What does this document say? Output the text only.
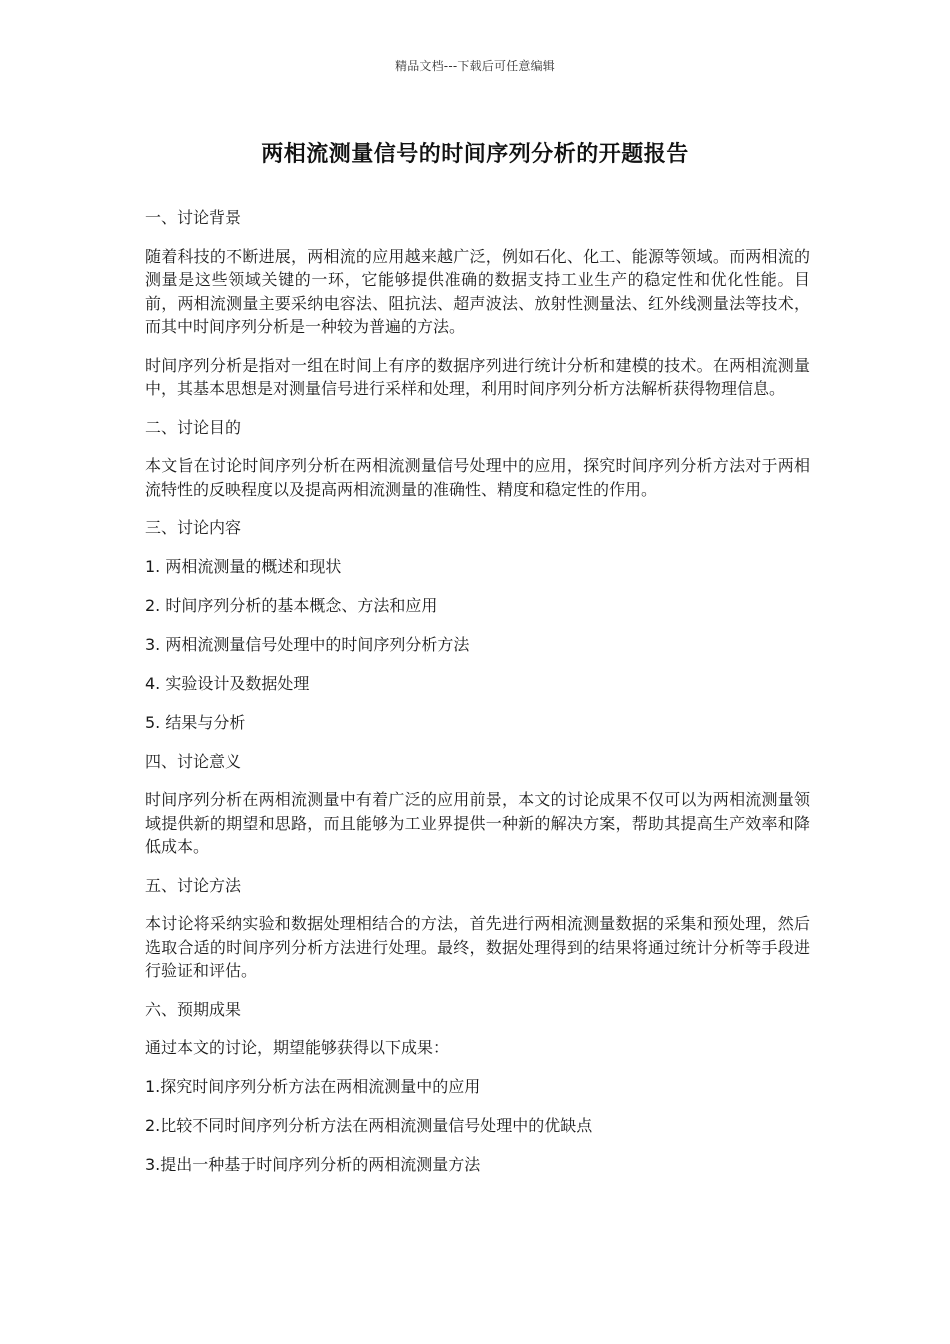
精品文档---下载后可任意编辑
两相流测量信号的时间序列分析的开题报告

一、讨论背景

随着科技的不断进展，两相流的应用越来越广泛，例如石化、化工、能源等领域。而两相流的测量是这些领域关键的一环，它能够提供准确的数据支持工业生产的稳定性和优化性能。目前，两相流测量主要采纳电容法、阻抗法、超声波法、放射性测量法、红外线测量法等技术，而其中时间序列分析是一种较为普遍的方法。

时间序列分析是指对一组在时间上有序的数据序列进行统计分析和建模的技术。在两相流测量中，其基本思想是对测量信号进行采样和处理，利用时间序列分析方法解析获得物理信息。

二、讨论目的

本文旨在讨论时间序列分析在两相流测量信号处理中的应用，探究时间序列分析方法对于两相流特性的反映程度以及提高两相流测量的准确性、精度和稳定性的作用。

三、讨论内容

1. 两相流测量的概述和现状

2. 时间序列分析的基本概念、方法和应用

3. 两相流测量信号处理中的时间序列分析方法

4. 实验设计及数据处理

5. 结果与分析

四、讨论意义

时间序列分析在两相流测量中有着广泛的应用前景，本文的讨论成果不仅可以为两相流测量领域提供新的期望和思路，而且能够为工业界提供一种新的解决方案，帮助其提高生产效率和降低成本。

五、讨论方法

本讨论将采纳实验和数据处理相结合的方法，首先进行两相流测量数据的采集和预处理，然后选取合适的时间序列分析方法进行处理。最终，数据处理得到的结果将通过统计分析等手段进行验证和评估。

六、预期成果

通过本文的讨论，期望能够获得以下成果：

1.探究时间序列分析方法在两相流测量中的应用

2.比较不同时间序列分析方法在两相流测量信号处理中的优缺点

3.提出一种基于时间序列分析的两相流测量方法
